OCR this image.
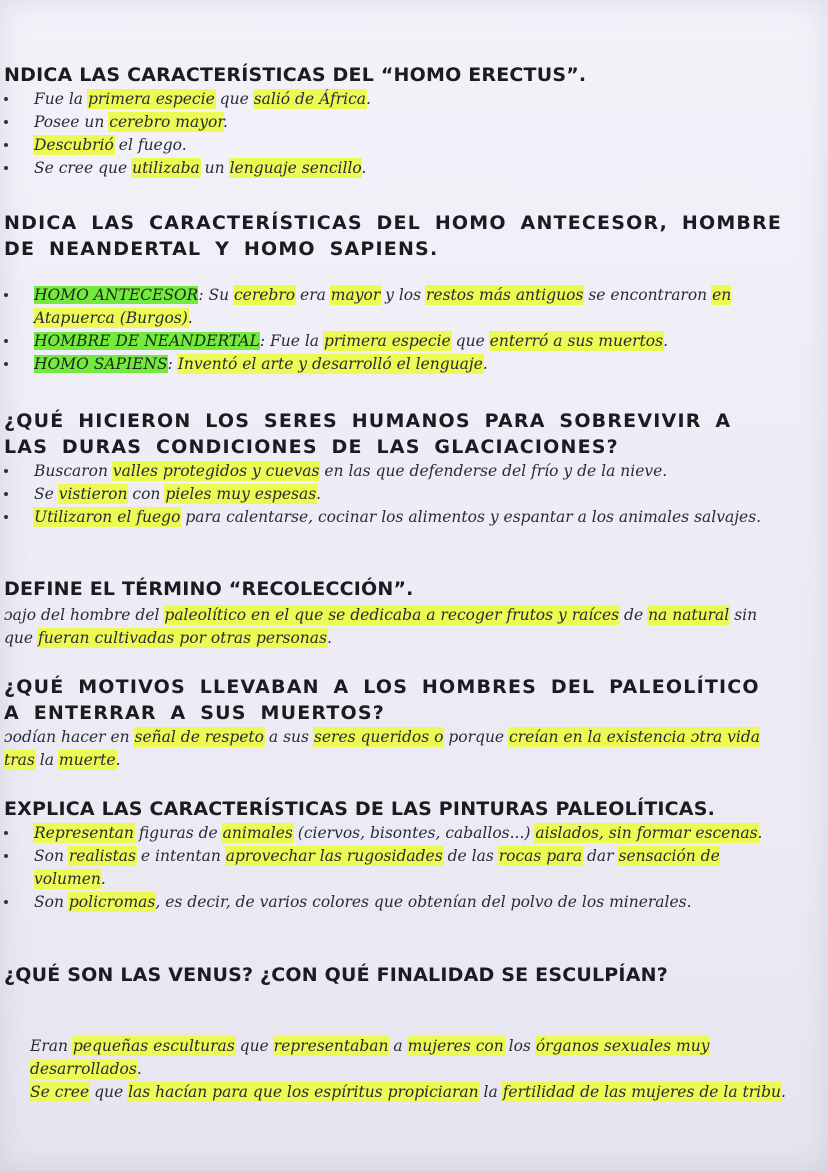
NDICA LAS CARACTERÍSTICAS DEL “HOMO ERECTUS”.
Fue la primera especie que salió de África.
Posee un cerebro mayor.
Descubrió el fuego.
Se cree que utilizaba un lenguaje sencillo.
NDICA LAS CARACTERÍSTICAS DEL HOMO ANTECESOR, HOMBRE DE NEANDERTAL Y HOMO SAPIENS.
HOMO ANTECESOR: Su cerebro era mayor y los restos más antiguos se encontraron en Atapuerca (Burgos).
HOMBRE DE NEANDERTAL: Fue la primera especie que enterró a sus muertos.
HOMO SAPIENS: Inventó el arte y desarrolló el lenguaje.
¿QUÉ HICIERON LOS SERES HUMANOS PARA SOBREVIVIR A LAS DURAS CONDICIONES DE LAS GLACIACIONES?
Buscaron valles protegidos y cuevas en las que defenderse del frío y de la nieve.
Se vistieron con pieles muy espesas.
Utilizaron el fuego para calentarse, cocinar los alimentos y espantar a los animales salvajes.
DEFINE EL TÉRMINO “RECOLECCIÓN”.
ɔajo del hombre del paleolítico en el que se dedicaba a recoger frutos y raíces de na natural sin que fueran cultivadas por otras personas.
¿QUÉ MOTIVOS LLEVABAN A LOS HOMBRES DEL PALEOLÍTICO A ENTERRAR A SUS MUERTOS?
ɔodían hacer en señal de respeto a sus seres queridos o porque creían en la existencia ɔtra vida tras la muerte.
EXPLICA LAS CARACTERÍSTICAS DE LAS PINTURAS PALEOLÍTICAS.
Representan figuras de animales (ciervos, bisontes, caballos...) aislados, sin formar escenas.
Son realistas e intentan aprovechar las rugosidades de las rocas para dar sensación de volumen.
Son policromas, es decir, de varios colores que obtenían del polvo de los minerales.
¿QUÉ SON LAS VENUS? ¿CON QUÉ FINALIDAD SE ESCULPÍAN?

Eran pequeñas esculturas que representaban a mujeres con los órganos sexuales muy desarrollados.
Se cree que las hacían para que los espíritus propiciaran la fertilidad de las mujeres de la tribu.
